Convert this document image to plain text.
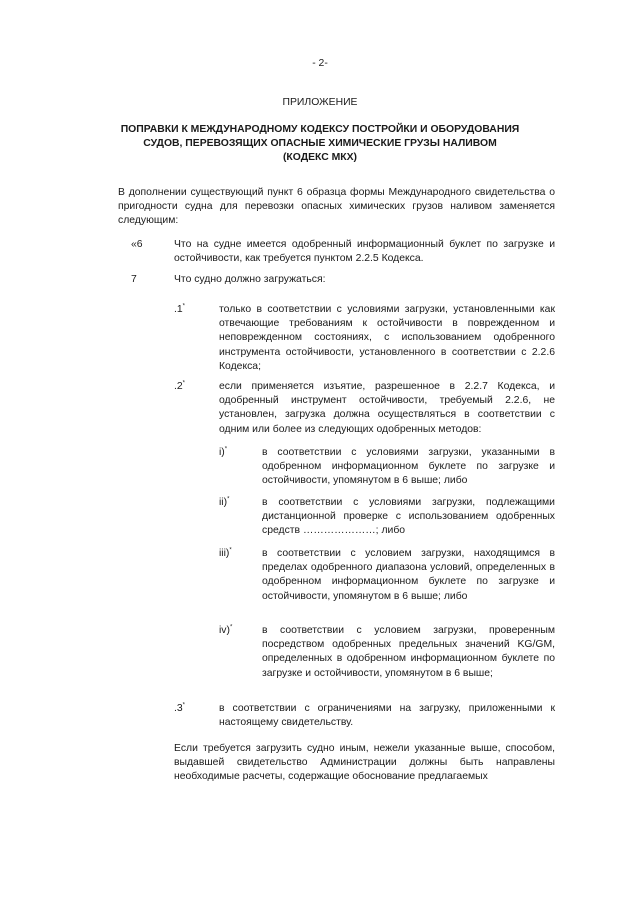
- 2-
ПРИЛОЖЕНИЕ
ПОПРАВКИ К МЕЖДУНАРОДНОМУ КОДЕКСУ ПОСТРОЙКИ И ОБОРУДОВАНИЯ
СУДОВ, ПЕРЕВОЗЯЩИХ ОПАСНЫЕ ХИМИЧЕСКИЕ ГРУЗЫ НАЛИВОМ
(КОДЕКС МКХ)
В дополнении существующий пункт 6 образца формы Международного свидетельства о пригодности судна для перевозки опасных химических грузов наливом заменяется следующим:
«6	Что на судне имеется одобренный информационный буклет по загрузке и остойчивости, как требуется пунктом 2.2.5 Кодекса.
7	Что судно должно загружаться:
.1*	только в соответствии с условиями загрузки, установленными как отвечающие требованиям к остойчивости в поврежденном и неповрежденном состояниях, с использованием одобренного инструмента остойчивости, установленного в соответствии с 2.2.6 Кодекса;
.2*	если применяется изъятие, разрешенное в 2.2.7 Кодекса, и одобренный инструмент остойчивости, требуемый 2.2.6, не установлен, загрузка должна осуществляться в соответствии с одним или более из следующих одобренных методов:
i)*	в соответствии с условиями загрузки, указанными в одобренном информационном буклете по загрузке и остойчивости, упомянутом в 6 выше; либо
ii)*	в соответствии с условиями загрузки, подлежащими дистанционной проверке с использованием одобренных средств …………………; либо
iii)*	в соответствии с условием загрузки, находящимся в пределах одобренного диапазона условий, определенных в одобренном информационном буклете по загрузке и остойчивости, упомянутом в 6 выше; либо
iv)*	в соответствии с условием загрузки, проверенным посредством одобренных предельных значений KG/GM, определенных в одобренном информационном буклете по загрузке и остойчивости, упомянутом в 6 выше;
.3*	в соответствии с ограничениями на загрузку, приложенными к настоящему свидетельству.
Если требуется загрузить судно иным, нежели указанные выше, способом, выдавшей свидетельство Администрации должны быть направлены необходимые расчеты, содержащие обоснование предлагаемых
